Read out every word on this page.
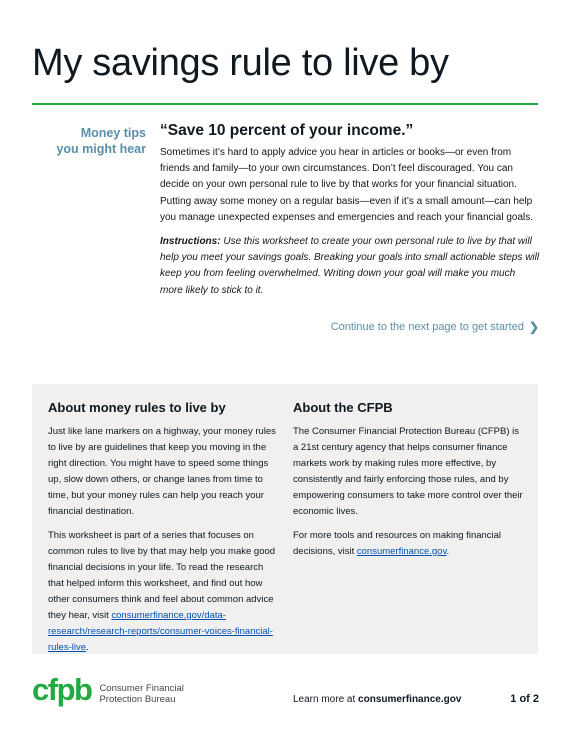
My savings rule to live by
Money tips
you might hear
“Save 10 percent of your income.”

Sometimes it’s hard to apply advice you hear in articles or books—or even from friends and family—to your own circumstances. Don’t feel discouraged. You can decide on your own personal rule to live by that works for your financial situation. Putting away some money on a regular basis—even if it’s a small amount—can help you manage unexpected expenses and emergencies and reach your financial goals.

Instructions: Use this worksheet to create your own personal rule to live by that will help you meet your savings goals. Breaking your goals into small actionable steps will keep you from feeling overwhelmed. Writing down your goal will make you much more likely to stick to it.

Continue to the next page to get started ❯
About money rules to live by

Just like lane markers on a highway, your money rules to live by are guidelines that keep you moving in the right direction. You might have to speed some things up, slow down others, or change lanes from time to time, but your money rules can help you reach your financial destination.

This worksheet is part of a series that focuses on common rules to live by that may help you make good financial decisions in your life. To read the research that helped inform this worksheet, and find out how other consumers think and feel about common advice they hear, visit consumerfinance.gov/data-research/research-reports/consumer-voices-financial-rules-live.

About the CFPB

The Consumer Financial Protection Bureau (CFPB) is a 21st century agency that helps consumer finance markets work by making rules more effective, by consistently and fairly enforcing those rules, and by empowering consumers to take more control over their economic lives.

For more tools and resources on making financial decisions, visit consumerfinance.gov.

cfpb Consumer Financial
Protection Bureau	Learn more at consumerfinance.gov	1 of 2
